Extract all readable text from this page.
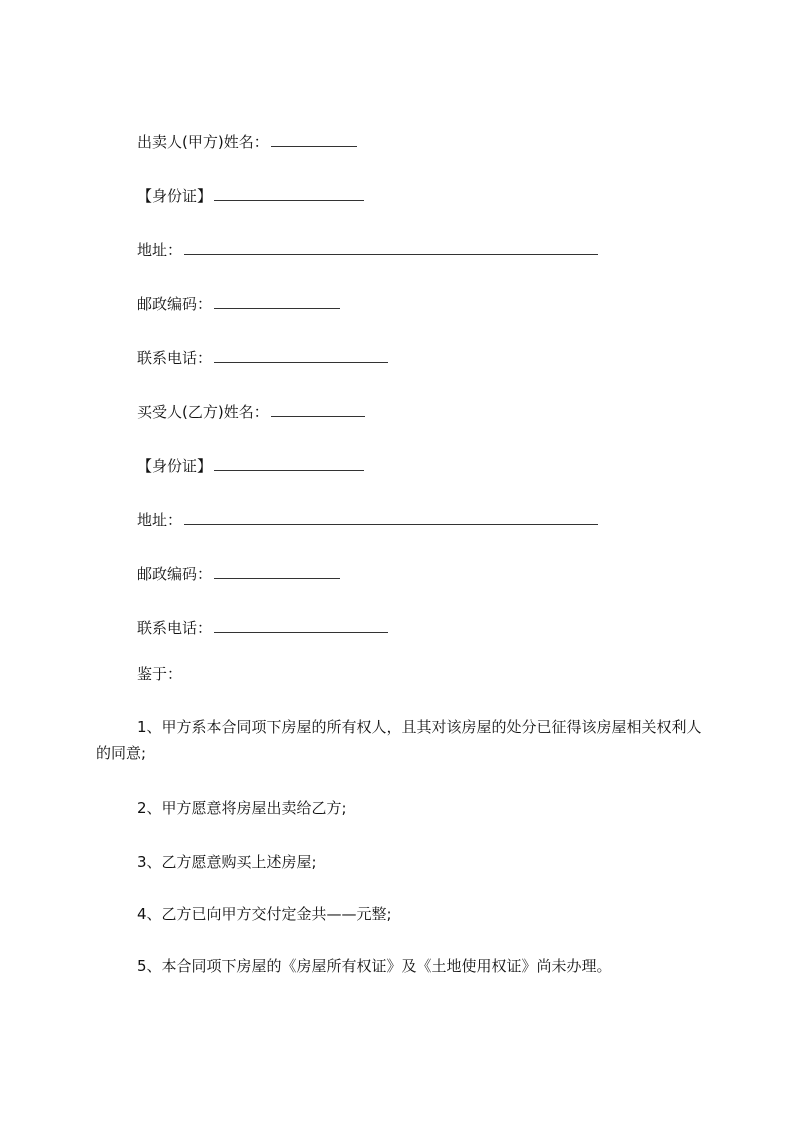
出卖人(甲方)姓名：
【身份证】
地址：
邮政编码：
联系电话：
买受人(乙方)姓名：
【身份证】
地址：
邮政编码：
联系电话：
鉴于：
1、甲方系本合同项下房屋的所有权人，且其对该房屋的处分已征得该房屋相关权利人的同意;
2、甲方愿意将房屋出卖给乙方;
3、乙方愿意购买上述房屋;
4、乙方已向甲方交付定金共——元整;
5、本合同项下房屋的《房屋所有权证》及《土地使用权证》尚未办理。
